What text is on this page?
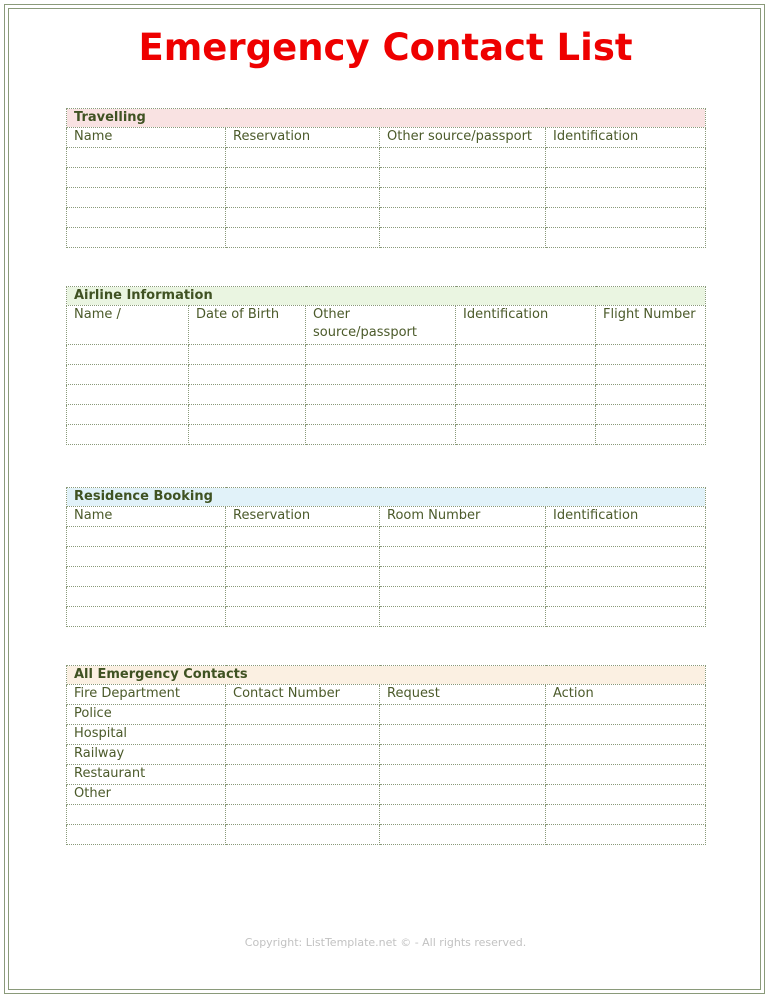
Emergency Contact List
Travelling			
Name	Reservation	Other source/passport	Identification

Airline Information				
Name /	Date of Birth	Other source/passport	Identification	Flight Number

Residence Booking			
Name	Reservation	Room Number	Identification

All Emergency Contacts			
Fire Department	Contact Number	Request	Action
Police			
Hospital			
Railway			
Restaurant			
Other			

Copyright: ListTemplate.net © - All rights reserved.
